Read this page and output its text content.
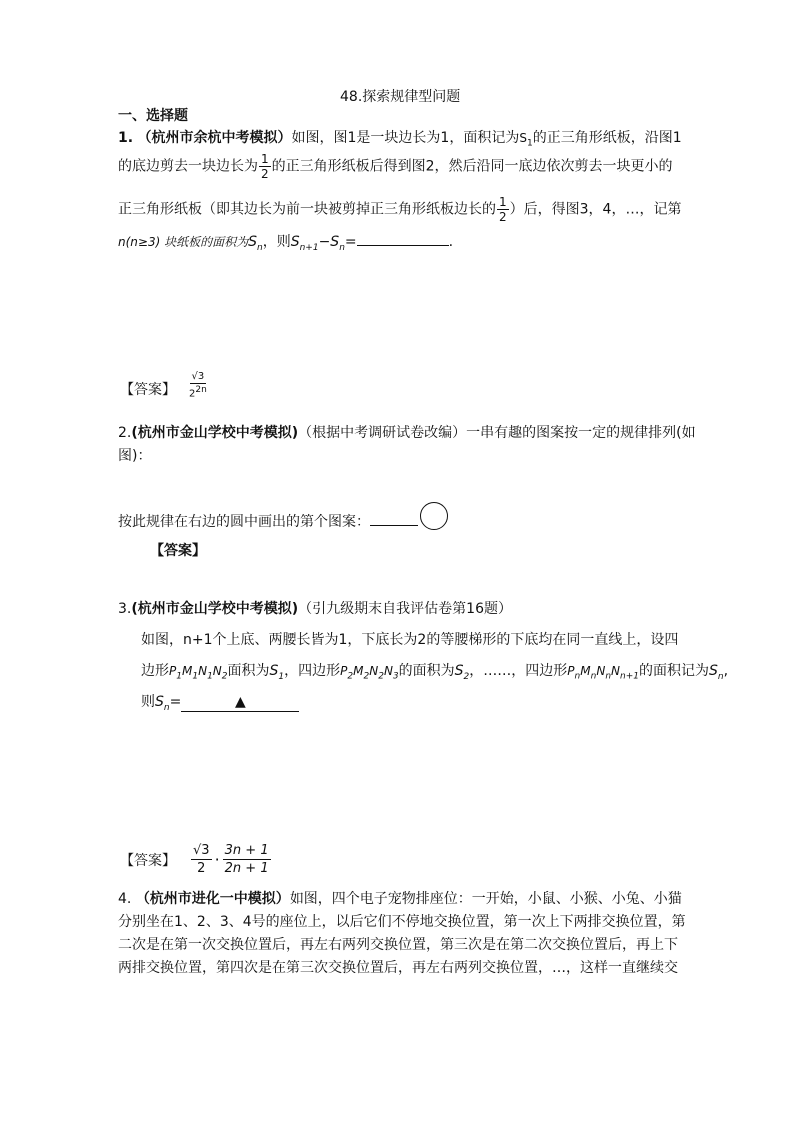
48.探索规律型问题
一、选择题
1. （杭州市余杭中考模拟）如图，图1是一块边长为1，面积记为$S_1$的正三角形纸板，沿图1
的底边剪去一块边长为 $\frac{1}{2}$ 的正三角形纸板后得到图2，然后沿同一底边依次剪去一块更小的
正三角形纸板（即其边长为前一块被剪掉正三角形纸板边长的 $\frac{1}{2}$ ）后，得图3，4，…，记第
n(n≥3) 块纸板的面积为$S_n$，则$S_{n+1}-S_n=$	.
【答案】 $\frac{√3}{2^{2n}}$
2.(杭州市金山学校中考模拟)（根据中考调研试卷改编）一串有趣的图案按一定的规律排列(如
图)：
按此规律在右边的圆中画出的第个图案：
【答案】
3.(杭州市金山学校中考模拟)（引九级期末自我评估卷第16题）
如图，n+1个上底、两腰长皆为1，下底长为2的等腰梯形的下底均在同一直线上，设四
边形$P_1M_1N_1N_2$面积为$S_1$，四边形$P_2M_2N_2N_3$的面积为$S_2$，……，四边形$P_nM_nN_nN_{n+1}$的面积记为$S_n$,
则$S_n=$	▲
【答案】 $\frac{√3}{2} \cdot \frac{3n + 1}{2n + 1}$
4. （杭州市进化一中模拟）如图，四个电子宠物排座位：一开始，小鼠、小猴、小兔、小猫
分别坐在1、2、3、4号的座位上，以后它们不停地交换位置，第一次上下两排交换位置，第
二次是在第一次交换位置后，再左右两列交换位置，第三次是在第二次交换位置后，再上下
两排交换位置，第四次是在第三次交换位置后，再左右两列交换位置，…，这样一直继续交
